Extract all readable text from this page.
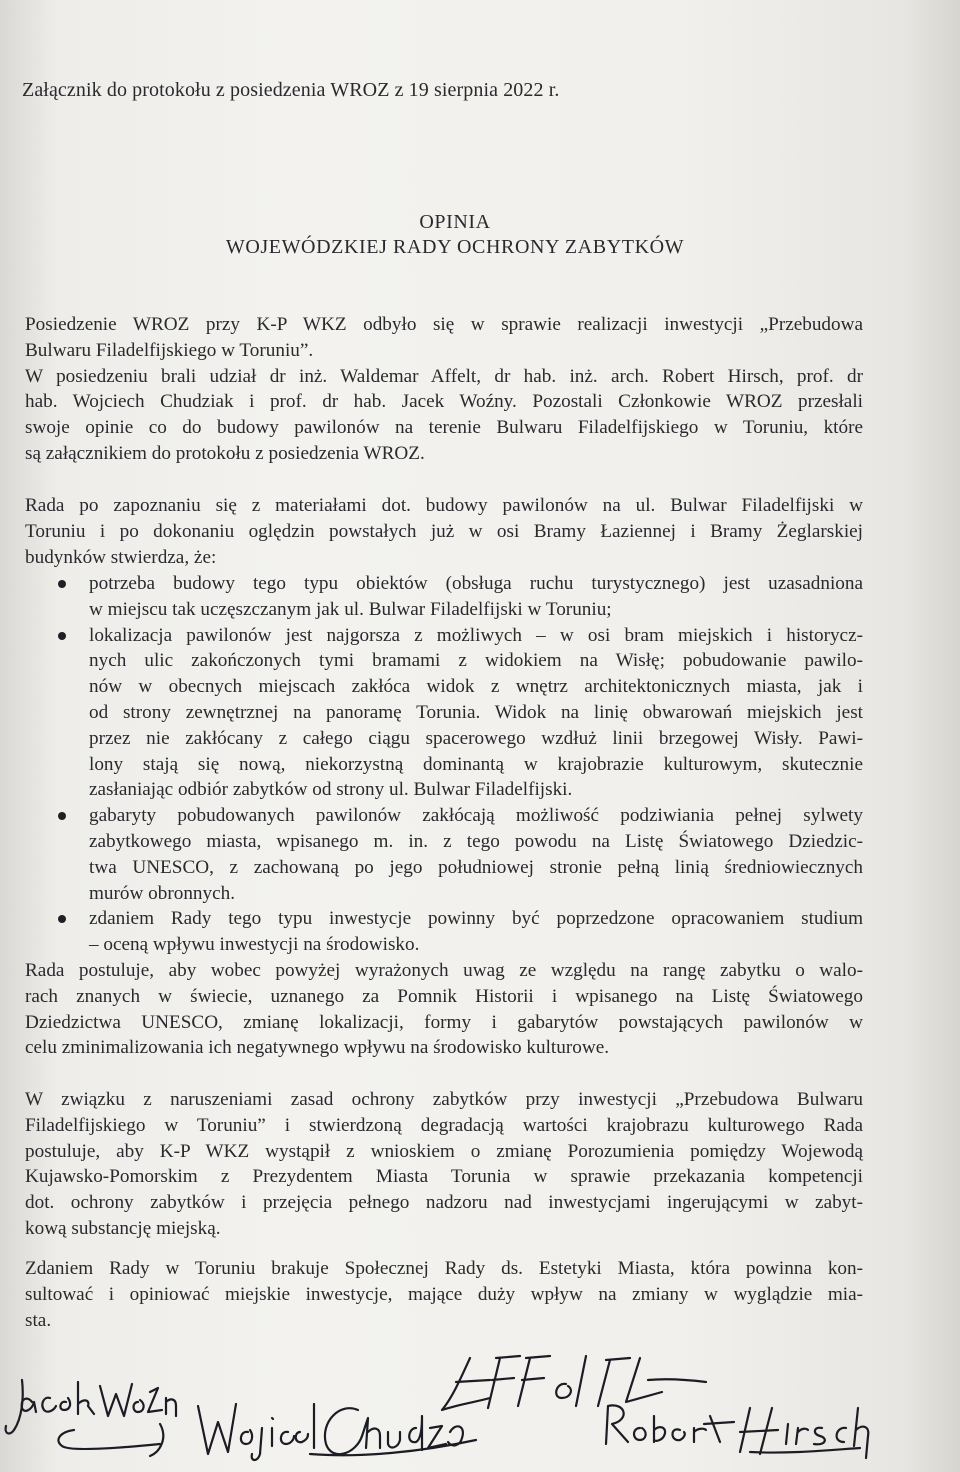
Załącznik do protokołu z posiedzenia WROZ z 19 sierpnia 2022 r.
OPINIA
WOJEWÓDZKIEJ RADY OCHRONY ZABYTKÓW
Posiedzenie WROZ przy K-P WKZ odbyło się w sprawie realizacji inwestycji „Przebudowa
Bulwaru Filadelfijskiego w Toruniu”.
W posiedzeniu brali udział dr inż. Waldemar Affelt, dr hab. inż. arch. Robert Hirsch, prof. dr
hab. Wojciech Chudziak i prof. dr hab. Jacek Woźny. Pozostali Członkowie WROZ przesłali
swoje opinie co do budowy pawilonów na terenie Bulwaru Filadelfijskiego w Toruniu, które
są załącznikiem do protokołu z posiedzenia WROZ.
Rada po zapoznaniu się z materiałami dot. budowy pawilonów na ul. Bulwar Filadelfijski w
Toruniu i po dokonaniu oględzin powstałych już w osi Bramy Łaziennej i Bramy Żeglarskiej
budynków stwierdza, że:
potrzeba budowy tego typu obiektów (obsługa ruchu turystycznego) jest uzasadniona
w miejscu tak uczęszczanym jak ul. Bulwar Filadelfijski w Toruniu;
lokalizacja pawilonów jest najgorsza z możliwych – w osi bram miejskich i historycz-
nych ulic zakończonych tymi bramami z widokiem na Wisłę; pobudowanie pawilo-
nów w obecnych miejscach zakłóca widok z wnętrz architektonicznych miasta, jak i
od strony zewnętrznej na panoramę Torunia. Widok na linię obwarowań miejskich jest
przez nie zakłócany z całego ciągu spacerowego wzdłuż linii brzegowej Wisły. Pawi-
lony stają się nową, niekorzystną dominantą w krajobrazie kulturowym, skutecznie
zasłaniając odbiór zabytków od strony ul. Bulwar Filadelfijski.
gabaryty pobudowanych pawilonów zakłócają możliwość podziwiania pełnej sylwety
zabytkowego miasta, wpisanego m. in. z tego powodu na Listę Światowego Dziedzic-
twa UNESCO, z zachowaną po jego południowej stronie pełną linią średniowiecznych
murów obronnych.
zdaniem Rady tego typu inwestycje powinny być poprzedzone opracowaniem studium
– oceną wpływu inwestycji na środowisko.
Rada postuluje, aby wobec powyżej wyrażonych uwag ze względu na rangę zabytku o walo-
rach znanych w świecie, uznanego za Pomnik Historii i wpisanego na Listę Światowego
Dziedzictwa UNESCO, zmianę lokalizacji, formy i gabarytów powstających pawilonów w
celu zminimalizowania ich negatywnego wpływu na środowisko kulturowe.
W związku z naruszeniami zasad ochrony zabytków przy inwestycji „Przebudowa Bulwaru
Filadelfijskiego w Toruniu” i stwierdzoną degradacją wartości krajobrazu kulturowego Rada
postuluje, aby K-P WKZ wystąpił z wnioskiem o zmianę Porozumienia pomiędzy Wojewodą
Kujawsko-Pomorskim z Prezydentem Miasta Torunia w sprawie przekazania kompetencji
dot. ochrony zabytków i przejęcia pełnego nadzoru nad inwestycjami ingerującymi w zabyt-
kową substancję miejską.
Zdaniem Rady w Toruniu brakuje Społecznej Rady ds. Estetyki Miasta, która powinna kon-
sultować i opiniować miejskie inwestycje, mające duży wpływ na zmiany w wyglądzie mia-
sta.
